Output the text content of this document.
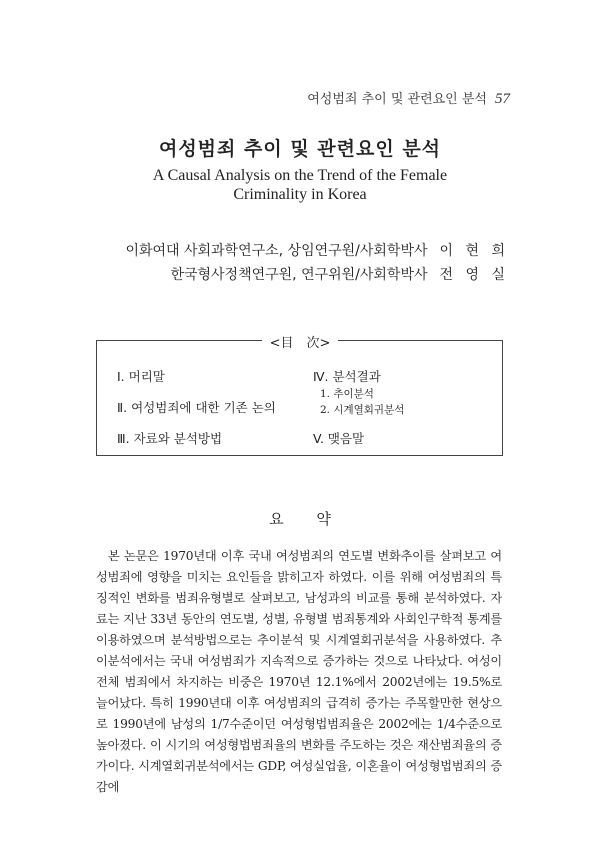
여성범죄 추이 및 관련요인 분석 57
여성범죄 추이 및 관련요인 분석
A Causal Analysis on the Trend of the Female
Criminality in Korea
이화여대 사회과학연구소, 상임연구원/사회학박사 이 현 희
한국형사정책연구원, 연구위원/사회학박사 전 영 실
<目　次>
Ⅰ. 머리말
Ⅱ. 여성범죄에 대한 기존 논의
Ⅲ. 자료와 분석방법
Ⅳ. 분석결과
1. 추이분석
2. 시계열회귀분석
V. 맺음말
요 약

본 논문은 1970년대 이후 국내 여성범죄의 연도별 변화추이를 살펴보고 여성범죄에 영향을 미치는 요인들을 밝히고자 하였다. 이를 위해 여성범죄의 특징적인 변화를 범죄유형별로 살펴보고, 남성과의 비교를 통해 분석하였다. 자료는 지난 33년 동안의 연도별, 성별, 유형별 범죄통계와 사회인구학적 통계를 이용하였으며 분석방법으로는 추이분석 및 시계열회귀분석을 사용하였다. 추이분석에서는 국내 여성범죄가 지속적으로 증가하는 것으로 나타났다. 여성이 전체 범죄에서 차지하는 비중은 1970년 12.1%에서 2002년에는 19.5%로 늘어났다. 특히 1990년대 이후 여성범죄의 급격히 증가는 주목할만한 현상으로 1990년에 남성의 1/7수준이던 여성형법범죄율은 2002에는 1/4수준으로 높아졌다. 이 시기의 여성형법범죄율의 변화를 주도하는 것은 재산범죄율의 증가이다. 시계열회귀분석에서는 GDP, 여성실업율, 이혼율이 여성형법범죄의 증감에
